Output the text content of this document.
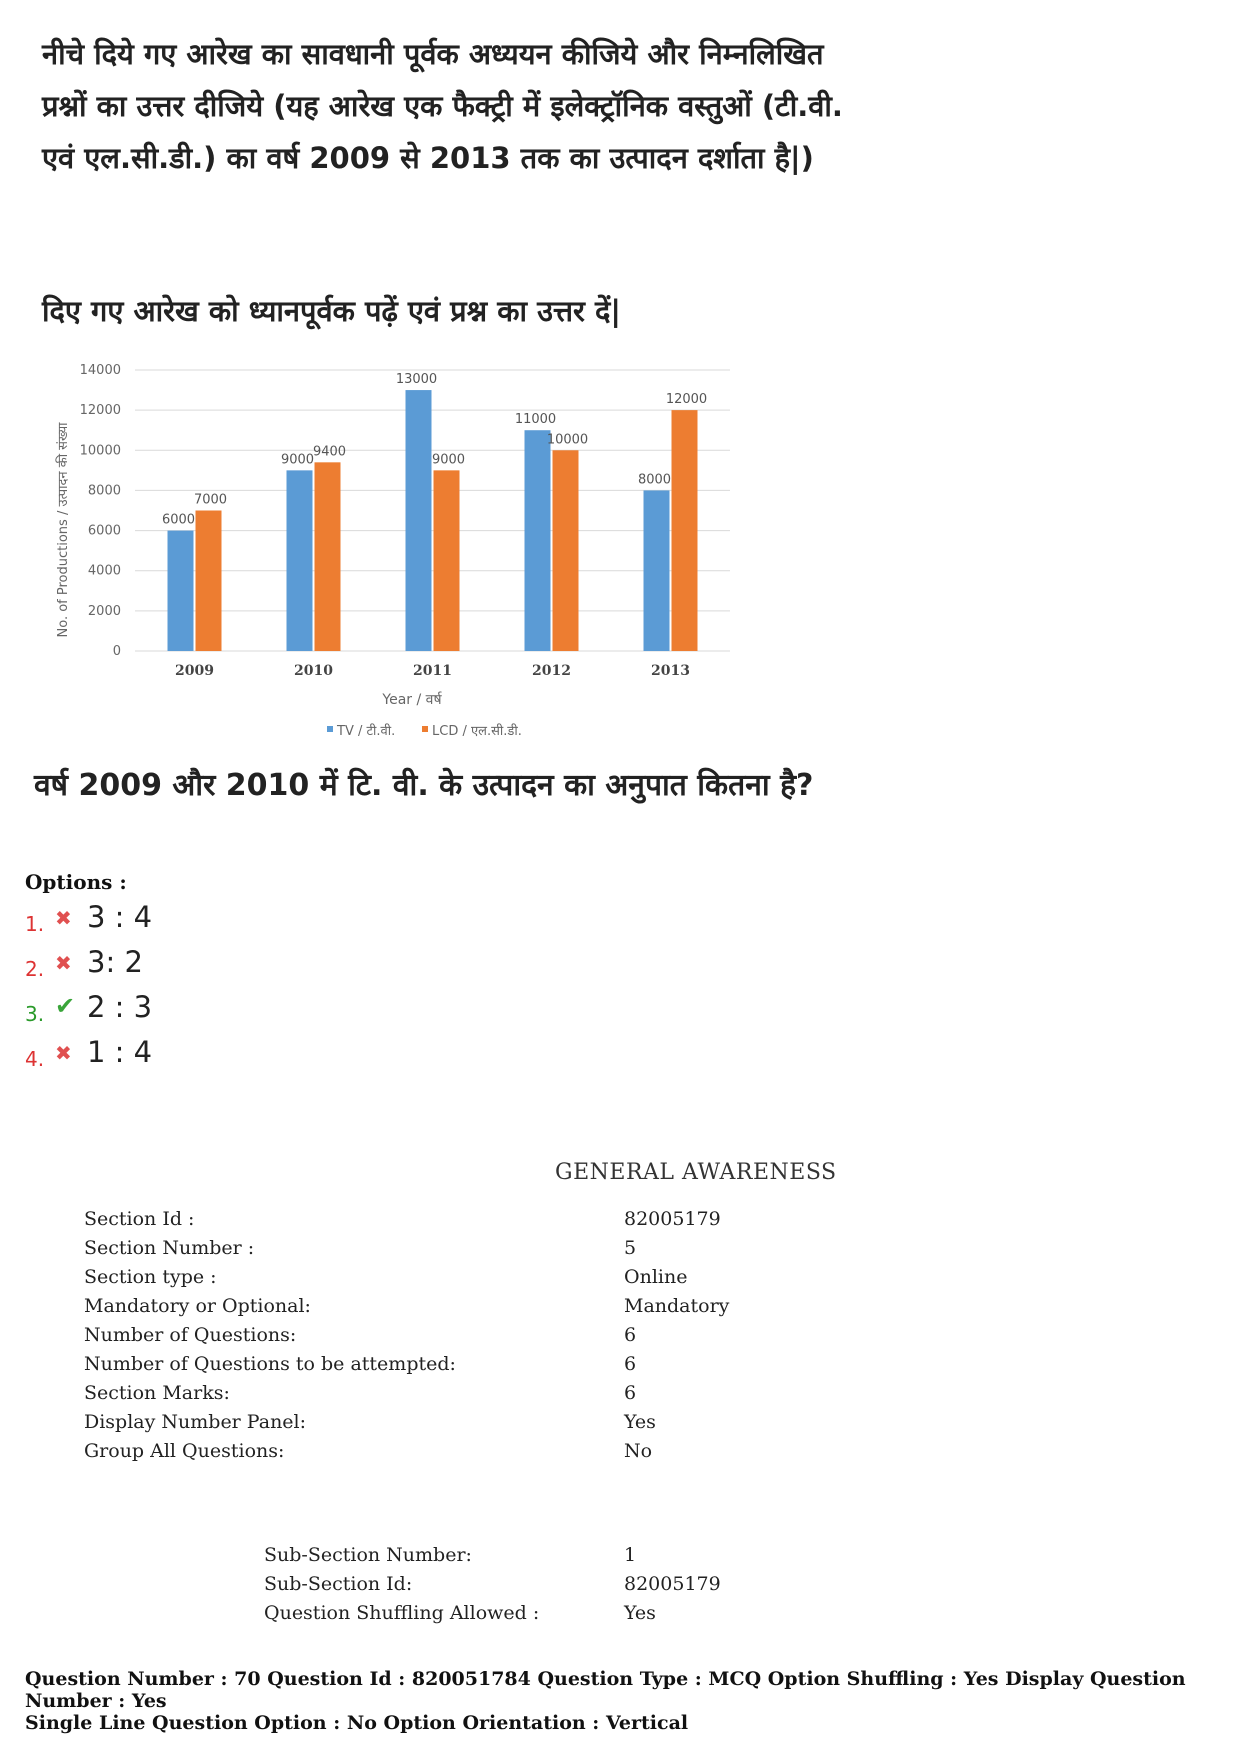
नीचे दिये गए आरेख का सावधानी पूर्वक अध्ययन कीजिये और निम्नलिखित प्रश्नों का उत्तर दीजिये (यह आरेख एक फैक्ट्री में इलेक्ट्रॉनिक वस्तुओं (टी.वी. एवं एल.सी.डी.) का वर्ष 2009 से 2013 तक का उत्पादन दर्शाता है|)
दिए गए आरेख को ध्यानपूर्वक पढ़ें एवं प्रश्न का उत्तर दें|
0
2000
4000
6000
8000
10000
12000
14000
6000
7000
2009
9000
9400
2010
13000
9000
2011
11000
10000
2012
8000
12000
2013
No. of Productions / उत्पादन की संख्या
Year / वर्ष
TV / टी.वी.	LCD / एल.सी.डी.
वर्ष 2009 और 2010 में टि. वी. के उत्पादन का अनुपात कितना है?
Options :
1. ✖ 3 : 4
2. ✖ 3: 2
3. ✔ 2 : 3
4. ✖ 1 : 4
GENERAL AWARENESS
Section Id :	82005179
Section Number :	5
Section type :	Online
Mandatory or Optional:	Mandatory
Number of Questions:	6
Number of Questions to be attempted:	6
Section Marks:	6
Display Number Panel:	Yes
Group All Questions:	No
Sub-Section Number:	1
Sub-Section Id:	82005179
Question Shuffling Allowed :	Yes
Question Number : 70 Question Id : 820051784 Question Type : MCQ Option Shuffling : Yes Display Question Number : Yes
Single Line Question Option : No Option Orientation : Vertical
